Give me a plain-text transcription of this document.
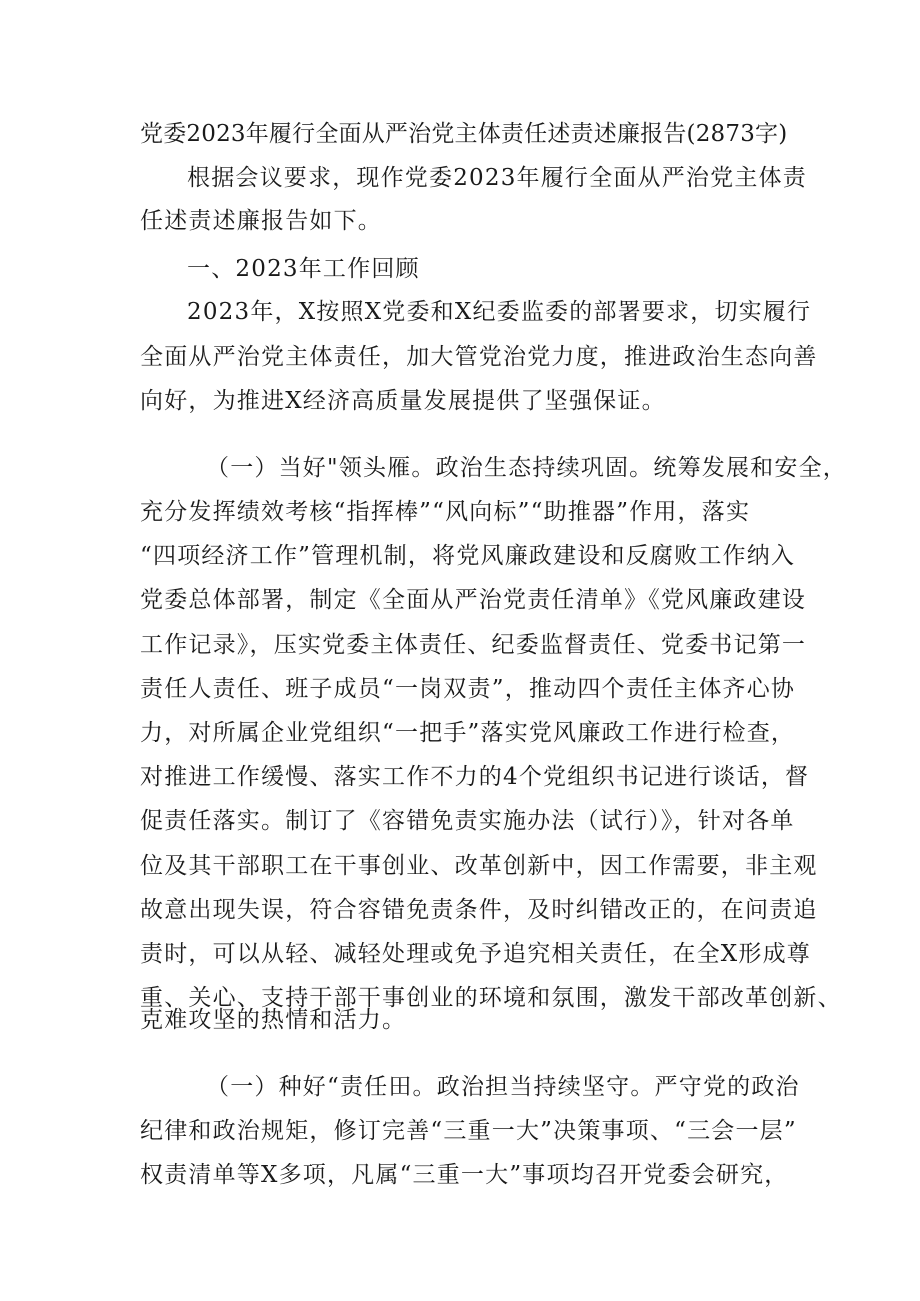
党委2023年履行全面从严治党主体责任述责述廉报告(2873字)
根据会议要求，现作党委2023年履行全面从严治党主体责
任述责述廉报告如下。
一、2023年工作回顾
2023年，X按照X党委和X纪委监委的部署要求，切实履行
全面从严治党主体责任，加大管党治党力度，推进政治生态向善
向好，为推进X经济高质量发展提供了坚强保证。
（一）当好"领头雁。政治生态持续巩固。统筹发展和安全，
充分发挥绩效考核“指挥棒”“风向标”“助推器”作用，落实
“四项经济工作”管理机制，将党风廉政建设和反腐败工作纳入
党委总体部署，制定《全面从严治党责任清单》《党风廉政建设
工作记录》，压实党委主体责任、纪委监督责任、党委书记第一
责任人责任、班子成员“一岗双责”，推动四个责任主体齐心协
力，对所属企业党组织“一把手”落实党风廉政工作进行检查，
对推进工作缓慢、落实工作不力的4个党组织书记进行谈话，督
促责任落实。制订了《容错免责实施办法（试行）》，针对各单
位及其干部职工在干事创业、改革创新中，因工作需要，非主观
故意出现失误，符合容错免责条件，及时纠错改正的，在问责追
责时，可以从轻、减轻处理或免予追究相关责任，在全X形成尊
重、关心、支持干部干事创业的环境和氛围，激发干部改革创新、
克难攻坚的热情和活力。
（一）种好“责任田。政治担当持续坚守。严守党的政治
纪律和政治规矩，修订完善“三重一大”决策事项、“三会一层”
权责清单等X多项，凡属“三重一大”事项均召开党委会研究，
